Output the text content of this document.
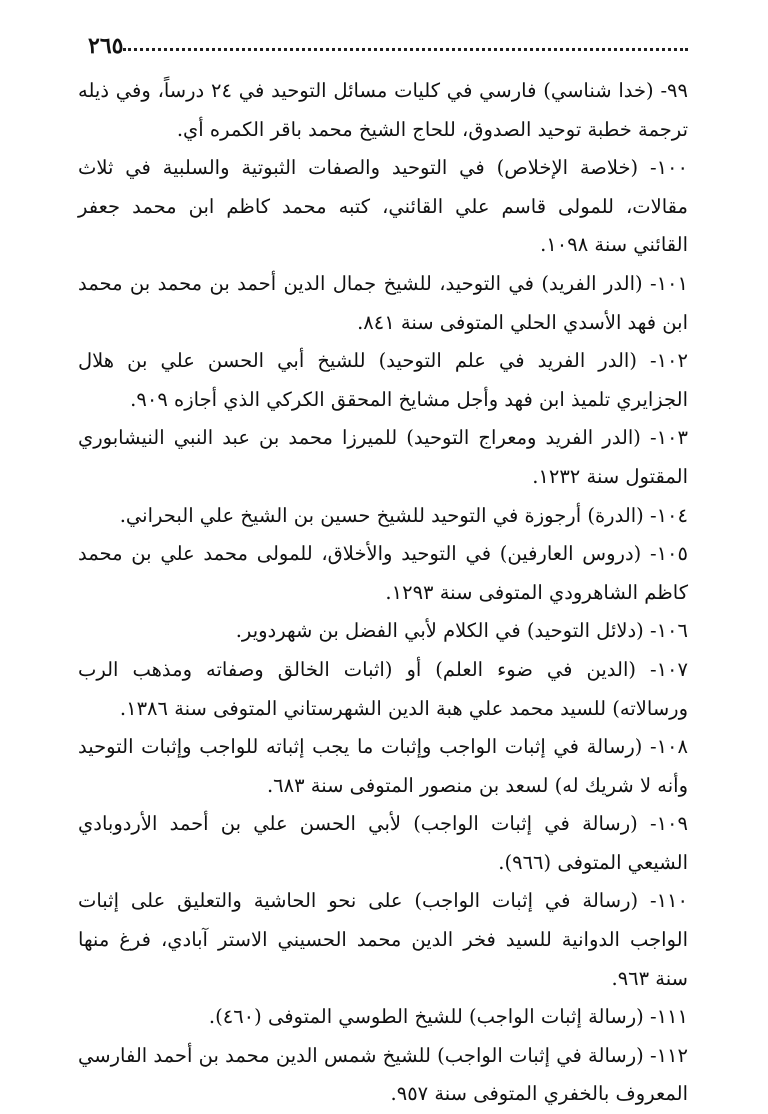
٢٦٥

٩٩- (خدا شناسي) فارسي في كليات مسائل التوحيد في ٢٤ درساً، وفي ذيله ترجمة خطبة توحيد الصدوق، للحاج الشيخ محمد باقر الكمره أي.

١٠٠- (خلاصة الإخلاص) في التوحيد والصفات الثبوتية والسلبية في ثلاث مقالات، للمولى قاسم علي القائني، كتبه محمد كاظم ابن محمد جعفر القائني سنة ١٠٩٨.

١٠١- (الدر الفريد) في التوحيد، للشيخ جمال الدين أحمد بن محمد بن محمد ابن فهد الأسدي الحلي المتوفى سنة ٨٤١.

١٠٢- (الدر الفريد في علم التوحيد) للشيخ أبي الحسن علي بن هلال الجزايري تلميذ ابن فهد وأجل مشايخ المحقق الكركي الذي أجازه ٩٠٩.

١٠٣- (الدر الفريد ومعراج التوحيد) للميرزا محمد بن عبد النبي النيشابوري المقتول سنة ١٢٣٢.

١٠٤- (الدرة) أرجوزة في التوحيد للشيخ حسين بن الشيخ علي البحراني.

١٠٥- (دروس العارفين) في التوحيد والأخلاق، للمولى محمد علي بن محمد كاظم الشاهرودي المتوفى سنة ١٢٩٣.

١٠٦- (دلائل التوحيد) في الكلام لأبي الفضل بن شهردوير.

١٠٧- (الدين في ضوء العلم) أو (اثبات الخالق وصفاته ومذهب الرب ورسالاته) للسيد محمد علي هبة الدين الشهرستاني المتوفى سنة ١٣٨٦.

١٠٨- (رسالة في إثبات الواجب وإثبات ما يجب إثباته للواجب وإثبات التوحيد وأنه لا شريك له) لسعد بن منصور المتوفى سنة ٦٨٣.

١٠٩- (رسالة في إثبات الواجب) لأبي الحسن علي بن أحمد الأردوبادي الشيعي المتوفى (٩٦٦).

١١٠- (رسالة في إثبات الواجب) على نحو الحاشية والتعليق على إثبات الواجب الدوانية للسيد فخر الدين محمد الحسيني الاستر آبادي، فرغ منها سنة ٩٦٣.

١١١- (رسالة إثبات الواجب) للشيخ الطوسي المتوفى (٤٦٠).

١١٢- (رسالة في إثبات الواجب) للشيخ شمس الدين محمد بن أحمد الفارسي المعروف بالخفري المتوفى سنة ٩٥٧.
